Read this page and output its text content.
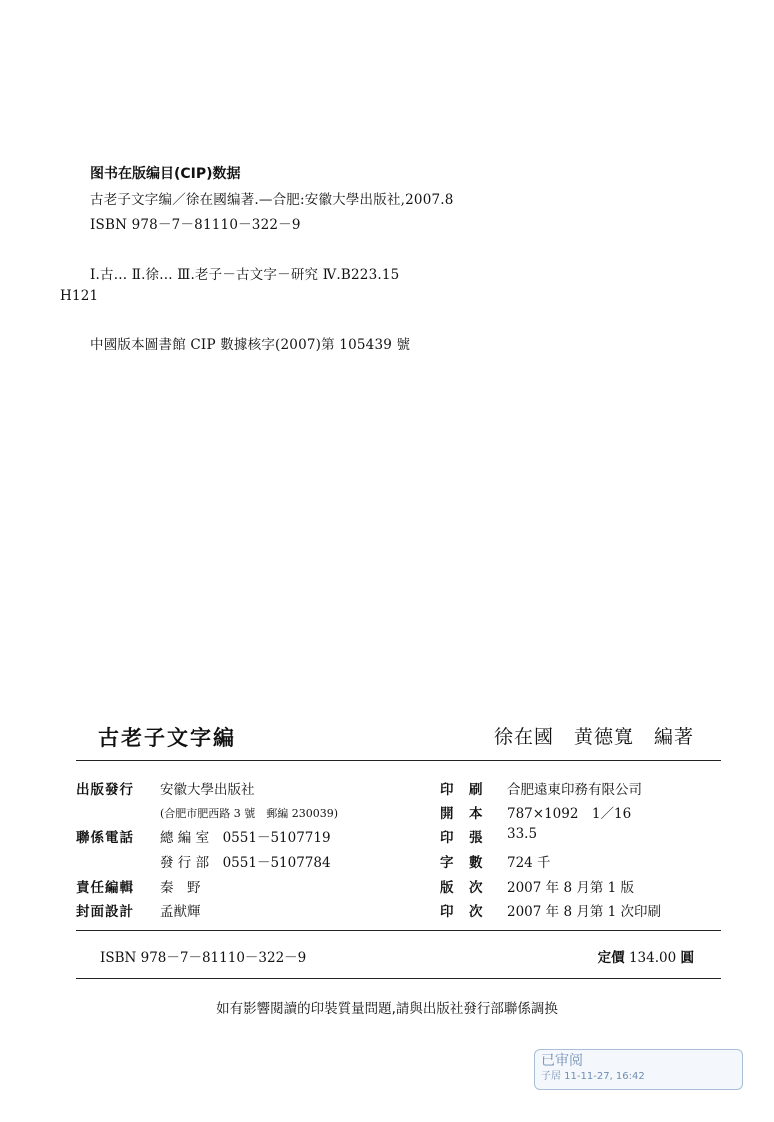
图书在版编目(CIP)数据
古老子文字编／徐在國编著.—合肥:安徽大學出版社,2007.8
ISBN 978－7－81110－322－9
Ⅰ.古... Ⅱ.徐... Ⅲ.老子－古文字－研究 Ⅳ.B223.15
H121
中國版本圖書館 CIP 數據核字(2007)第 105439 號
古老子文字編	徐在國　黄德寬　編著
出版發行 安徽大學出版社
(合肥市肥西路 3 號　郵編 230039)
聯係電話 總 編 室　0551－5107719
發 行 部　0551－5107784
責任編輯 秦　野
封面設計 孟猷輝
印　刷 合肥遠東印務有限公司
開　本 787×1092　1／16
印　張 33.5
字　數 724 千
版　次 2007 年 8 月第 1 版
印　次 2007 年 8 月第 1 次印刷
ISBN 978－7－81110－322－9	定價 134.00 圓
如有影響閱讀的印裝質量問題,請與出版社發行部聯係調换
已审阅
子居 11-11-27, 16:42
